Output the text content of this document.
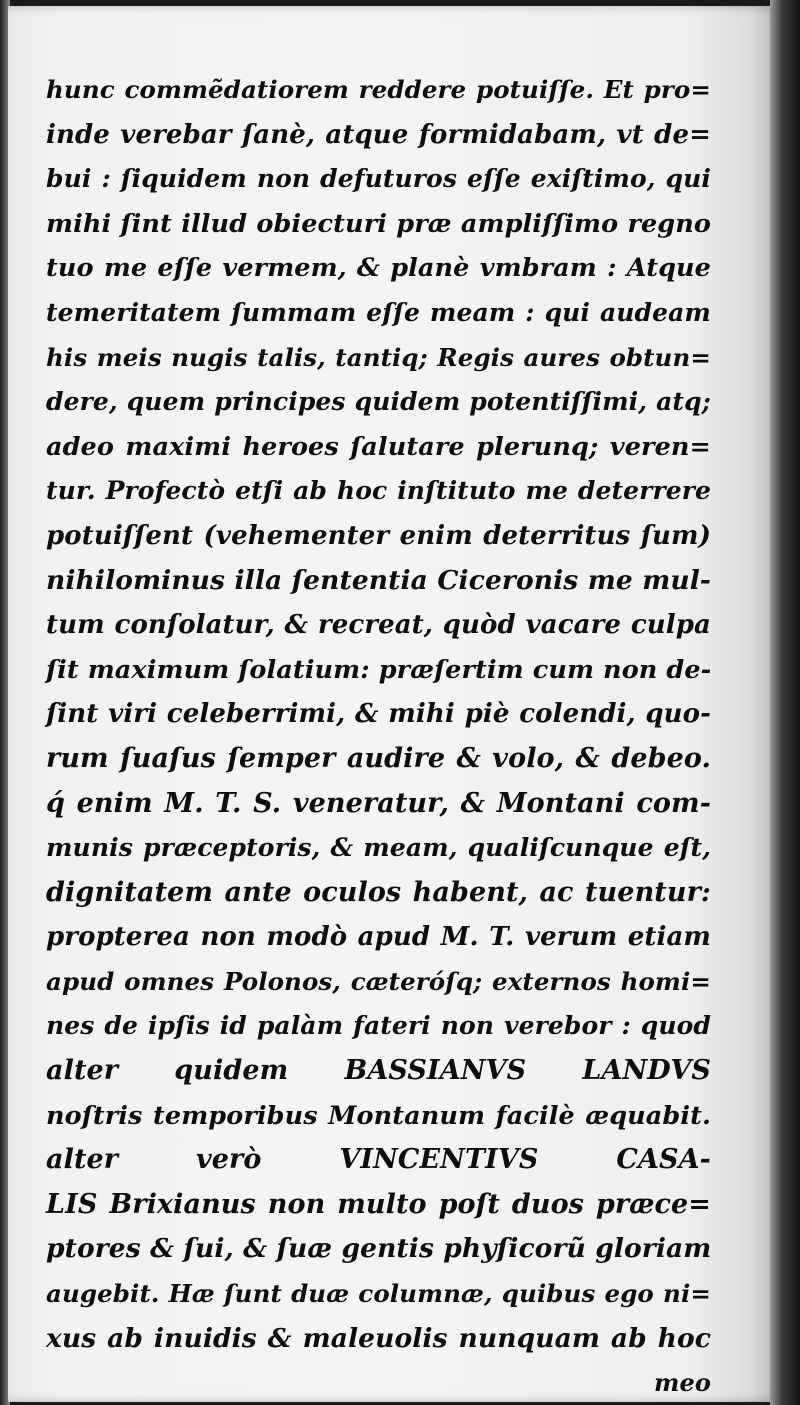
hunc commẽdatiorem reddere potuiſſe. Et pro=
inde verebar ſanè, atque formidabam, vt de=
bui : ſiquidem non defuturos eſſe exiſtimo, qui
mihi ſint illud obiecturi præ ampliſſimo regno
tuo me eſſe vermem, & planè vmbram : Atque
temeritatem ſummam eſſe meam : qui audeam
his meis nugis talis, tantiq; Regis aures obtun=
dere, quem principes quidem potentiſſimi, atq;
adeo maximi heroes ſalutare plerunq; veren=
tur. Profectò etſi ab hoc inſtituto me deterrere
potuiſſent (vehementer enim deterritus ſum)
nihilominus illa ſententia Ciceronis me mul-
tum conſolatur, & recreat, quòd vacare culpa
ſit maximum ſolatium: præſertim cum non de-
ſint viri celeberrimi, & mihi piè colendi, quo-
rum ſuaſus ſemper audire & volo, & debeo.
q́ enim M. T. S. veneratur, & Montani com-
munis præceptoris, & meam, qualiſcunque eſt,
dignitatem ante oculos habent, ac tuentur:
propterea non modò apud M. T. verum etiam
apud omnes Polonos, cæteróſq; externos homi=
nes de ipſis id palàm fateri non verebor : quod
alter quidem BASSIANVS LANDVS
noſtris temporibus Montanum facilè æquabit.
alter verò VINCENTIVS CASA-
LIS Brixianus non multo poſt duos præce=
ptores & ſui, & ſuæ gentis phyſicorũ gloriam
augebit. Hæ ſunt duæ columnæ, quibus ego ni=
xus ab inuidis & maleuolis nunquam ab hoc
meo
